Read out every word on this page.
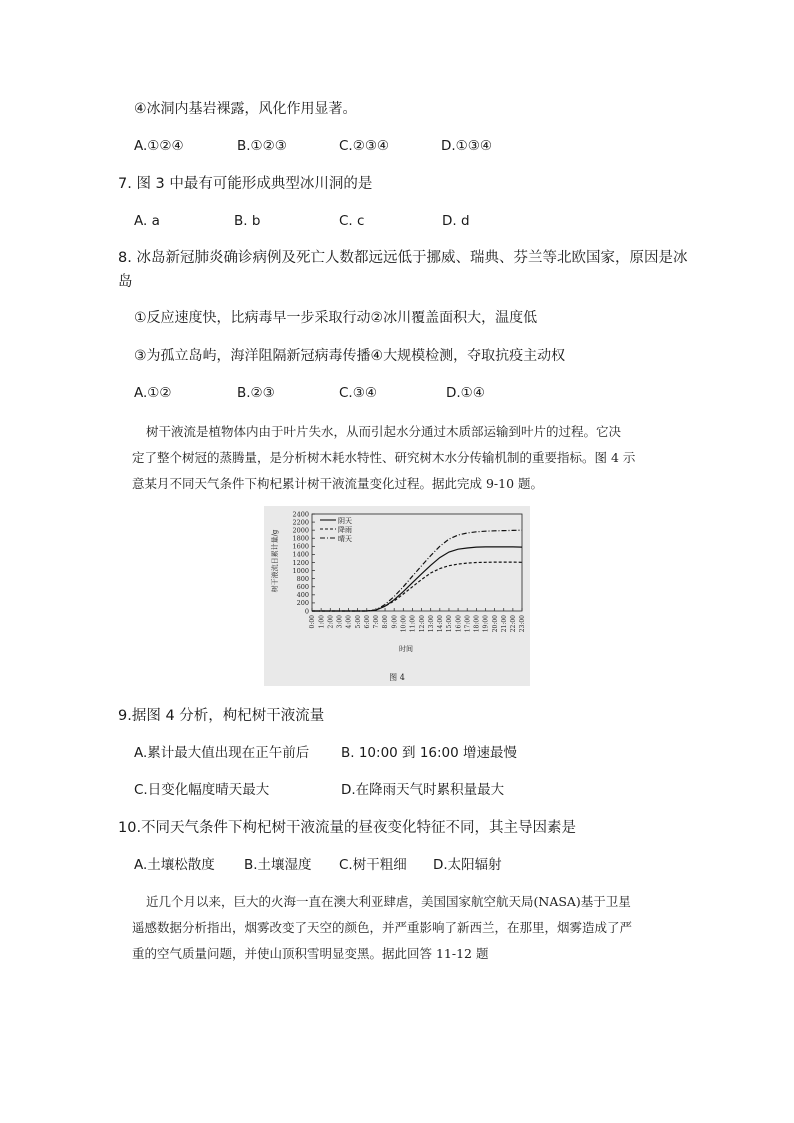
④冰洞内基岩裸露，风化作用显著。
A.①②④	B.①②③	C.②③④	D.①③④
7. 图 3 中最有可能形成典型冰川洞的是
A. a	B. b	C. c	D. d
8. 冰岛新冠肺炎确诊病例及死亡人数都远远低于挪威、瑞典、芬兰等北欧国家，原因是冰
岛
①反应速度快，比病毒早一步采取行动②冰川覆盖面积大，温度低
③为孤立岛屿，海洋阻隔新冠病毒传播④大规模检测，夺取抗疫主动权
A.①②	B.②③	C.③④	D.①④

树干液流是植物体内由于叶片失水，从而引起水分通过木质部运输到叶片的过程。它决

定了整个树冠的蒸腾量，是分析树木耗水特性、研究树木水分传输机制的重要指标。图 4 示

意某月不同天气条件下枸杞累计树干液流量变化过程。据此完成 9-10 题。

0
200
400
600
800
1000
1200
1400
1600
1800
2000
2200
2400
0:00 1:00 2:00 3:00 4:00 5:00 6:00 7:00 8:00 9:00 10:00 11:00 12:00 13:00 14:00 15:00 16:00 17:00 18:00 19:00 20:00 21:00 22:00 23:00
阴天
降雨
晴天
树干液流日累计量/g
时间
图 4
9.据图 4 分析，枸杞树干液流量
A.累计最大值出现在正午前后 B. 10:00 到 16:00 增速最慢
C.日变化幅度晴天最大	D.在降雨天气时累积量最大
10.不同天气条件下枸杞树干液流量的昼夜变化特征不同，其主导因素是
A.土壤松散度 B.土壤湿度 C.树干粗细 D.太阳辐射

近几个月以来，巨大的火海一直在澳大利亚肆虐，美国国家航空航天局(NASA)基于卫星

遥感数据分析指出，烟雾改变了天空的颜色，并严重影响了新西兰，在那里，烟雾造成了严

重的空气质量问题，并使山顶积雪明显变黑。据此回答 11-12 题
